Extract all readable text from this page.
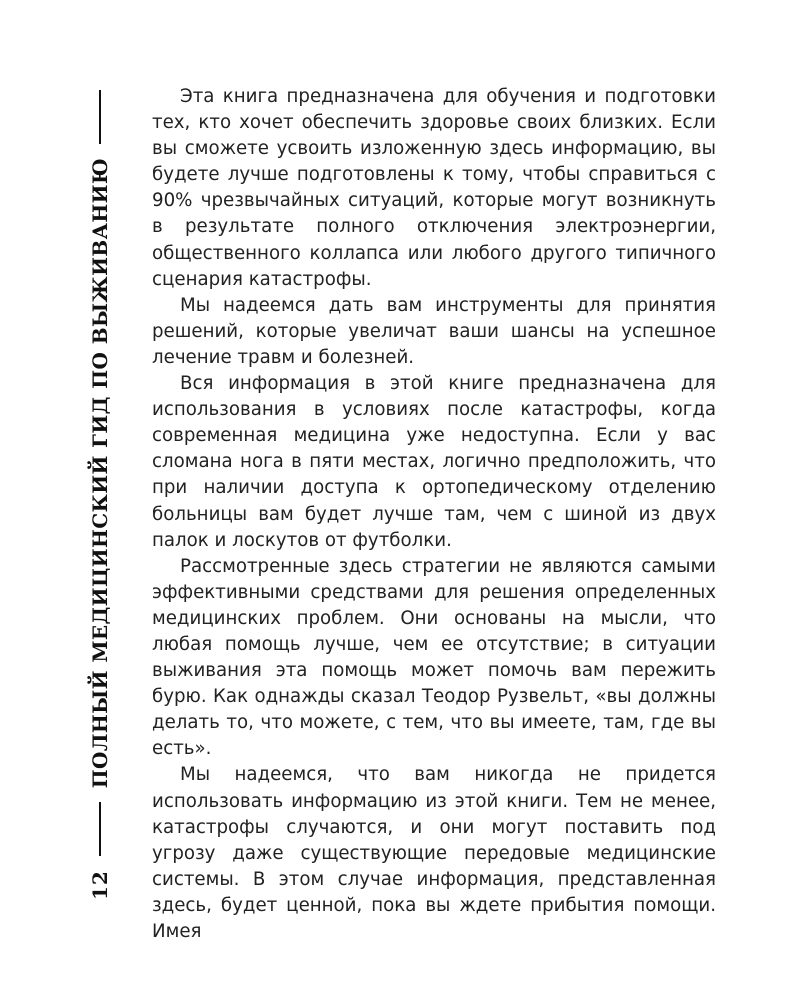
12
ПОЛНЫЙ МЕДИЦИНСКИЙ ГИД ПО ВЫЖИВАНИЮ

Эта книга предназначена для обучения и подготовки тех, кто хочет обеспечить здоровье своих близких. Если вы сможете усвоить изложенную здесь информацию, вы будете лучше подготовлены к тому, чтобы справиться с 90% чрезвычайных ситуаций, которые могут возникнуть в результате полного отключения электроэнергии, общественного коллапса или любого другого типичного сценария катастрофы.

Мы надеемся дать вам инструменты для принятия решений, которые увеличат ваши шансы на успешное лечение травм и болезней.

Вся информация в этой книге предназначена для использования в условиях после катастрофы, когда современная медицина уже недоступна. Если у вас сломана нога в пяти местах, логично предположить, что при наличии доступа к ортопедическому отделению больницы вам будет лучше там, чем с шиной из двух палок и лоскутов от футболки.

Рассмотренные здесь стратегии не являются самыми эффективными средствами для решения определенных медицинских проблем. Они основаны на мысли, что любая помощь лучше, чем ее отсутствие; в ситуации выживания эта помощь может помочь вам пережить бурю. Как однажды сказал Теодор Рузвельт, «вы должны делать то, что можете, с тем, что вы имеете, там, где вы есть».

Мы надеемся, что вам никогда не придется использовать информацию из этой книги. Тем не менее, катастрофы случаются, и они могут поставить под угрозу даже существующие передовые медицинские системы. В этом случае информация, представленная здесь, будет ценной, пока вы ждете прибытия помощи. Имея
